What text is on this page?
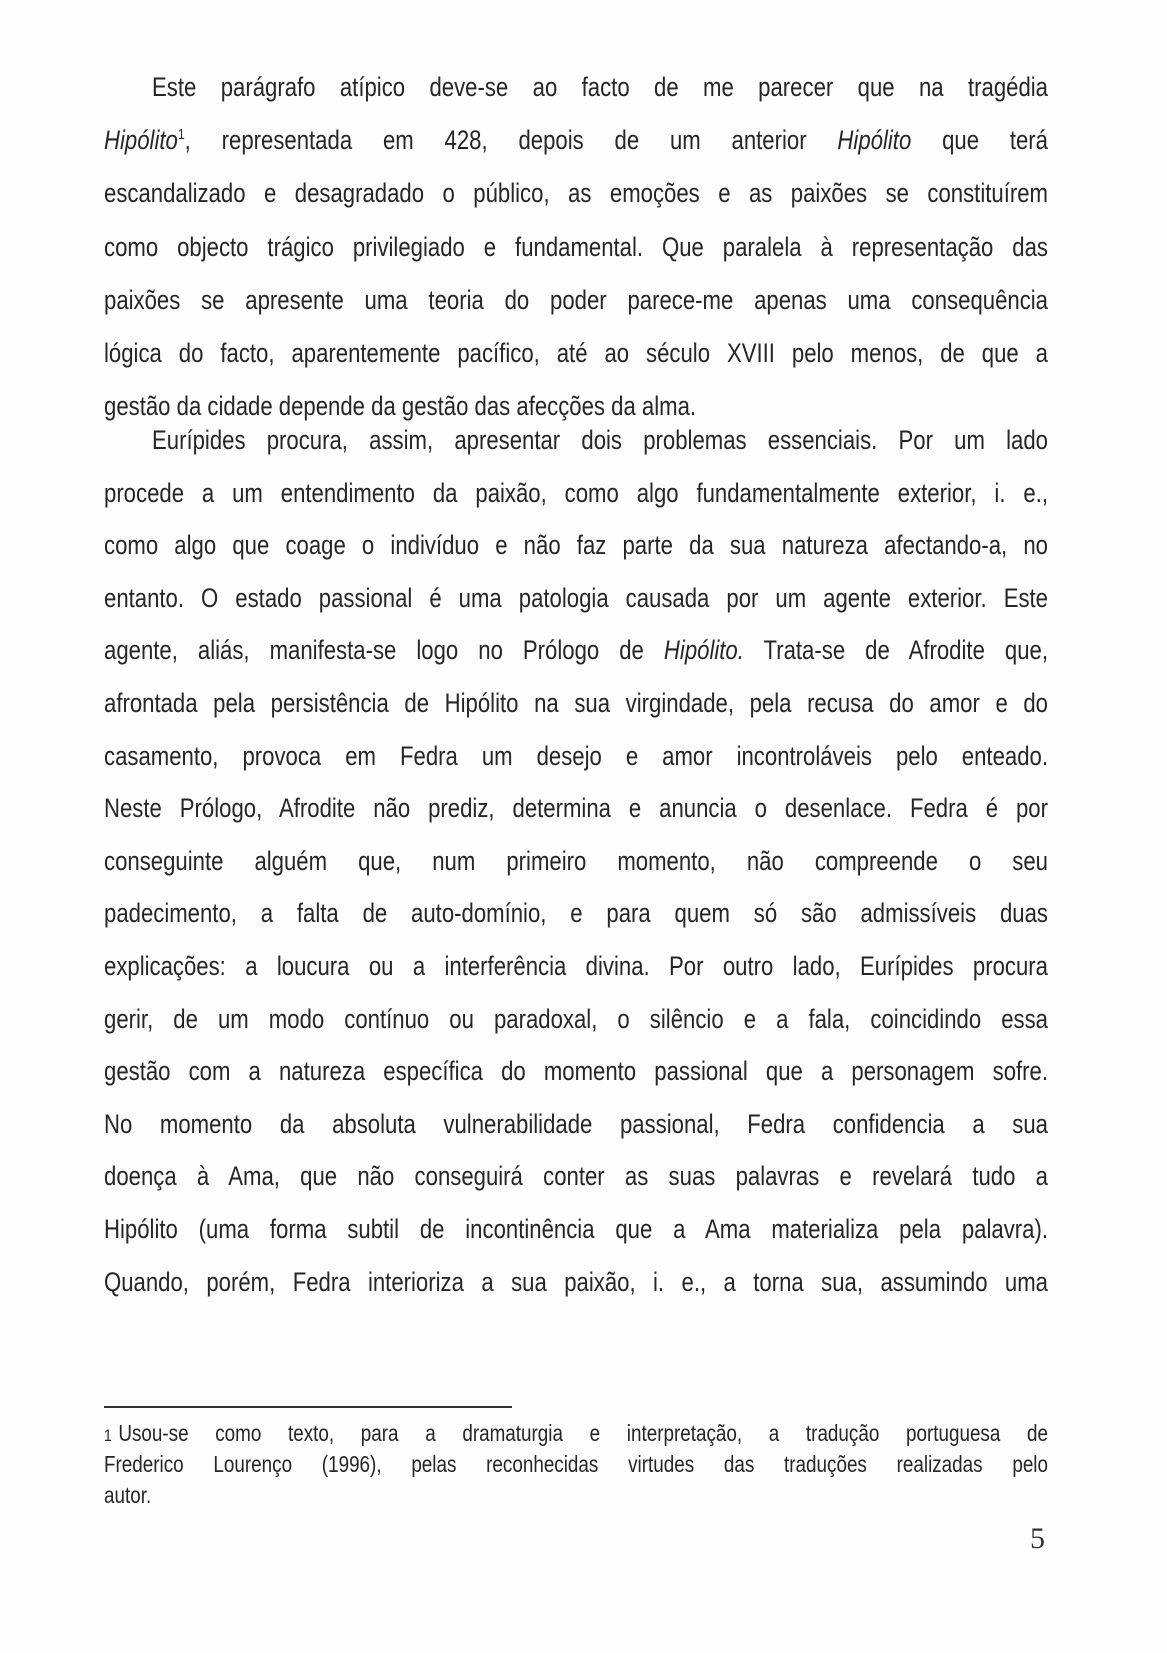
Este parágrafo atípico deve-se ao facto de me parecer que na tragédia
Hipólito$^1$, representada em 428, depois de um anterior Hipólito que terá
escandalizado e desagradado o público, as emoções e as paixões se constituírem
como objecto trágico privilegiado e fundamental. Que paralela à representação das
paixões se apresente uma teoria do poder parece-me apenas uma consequência
lógica do facto, aparentemente pacífico, até ao século XVIII pelo menos, de que a
gestão da cidade depende da gestão das afecções da alma.
Eurípides procura, assim, apresentar dois problemas essenciais. Por um lado
procede a um entendimento da paixão, como algo fundamentalmente exterior, i. e.,
como algo que coage o indivíduo e não faz parte da sua natureza afectando-a, no
entanto. O estado passional é uma patologia causada por um agente exterior. Este
agente, aliás, manifesta-se logo no Prólogo de Hipólito. Trata-se de Afrodite que,
afrontada pela persistência de Hipólito na sua virgindade, pela recusa do amor e do
casamento, provoca em Fedra um desejo e amor incontroláveis pelo enteado.
Neste Prólogo, Afrodite não prediz, determina e anuncia o desenlace. Fedra é por
conseguinte alguém que, num primeiro momento, não compreende o seu
padecimento, a falta de auto-domínio, e para quem só são admissíveis duas
explicações: a loucura ou a interferência divina. Por outro lado, Eurípides procura
gerir, de um modo contínuo ou paradoxal, o silêncio e a fala, coincidindo essa
gestão com a natureza específica do momento passional que a personagem sofre.
No momento da absoluta vulnerabilidade passional, Fedra confidencia a sua
doença à Ama, que não conseguirá conter as suas palavras e revelará tudo a
Hipólito (uma forma subtil de incontinência que a Ama materializa pela palavra).
Quando, porém, Fedra interioriza a sua paixão, i. e., a torna sua, assumindo uma
1 Usou-se como texto, para a dramaturgia e interpretação, a tradução portuguesa de
Frederico Lourenço (1996), pelas reconhecidas virtudes das traduções realizadas pelo
autor.
5
